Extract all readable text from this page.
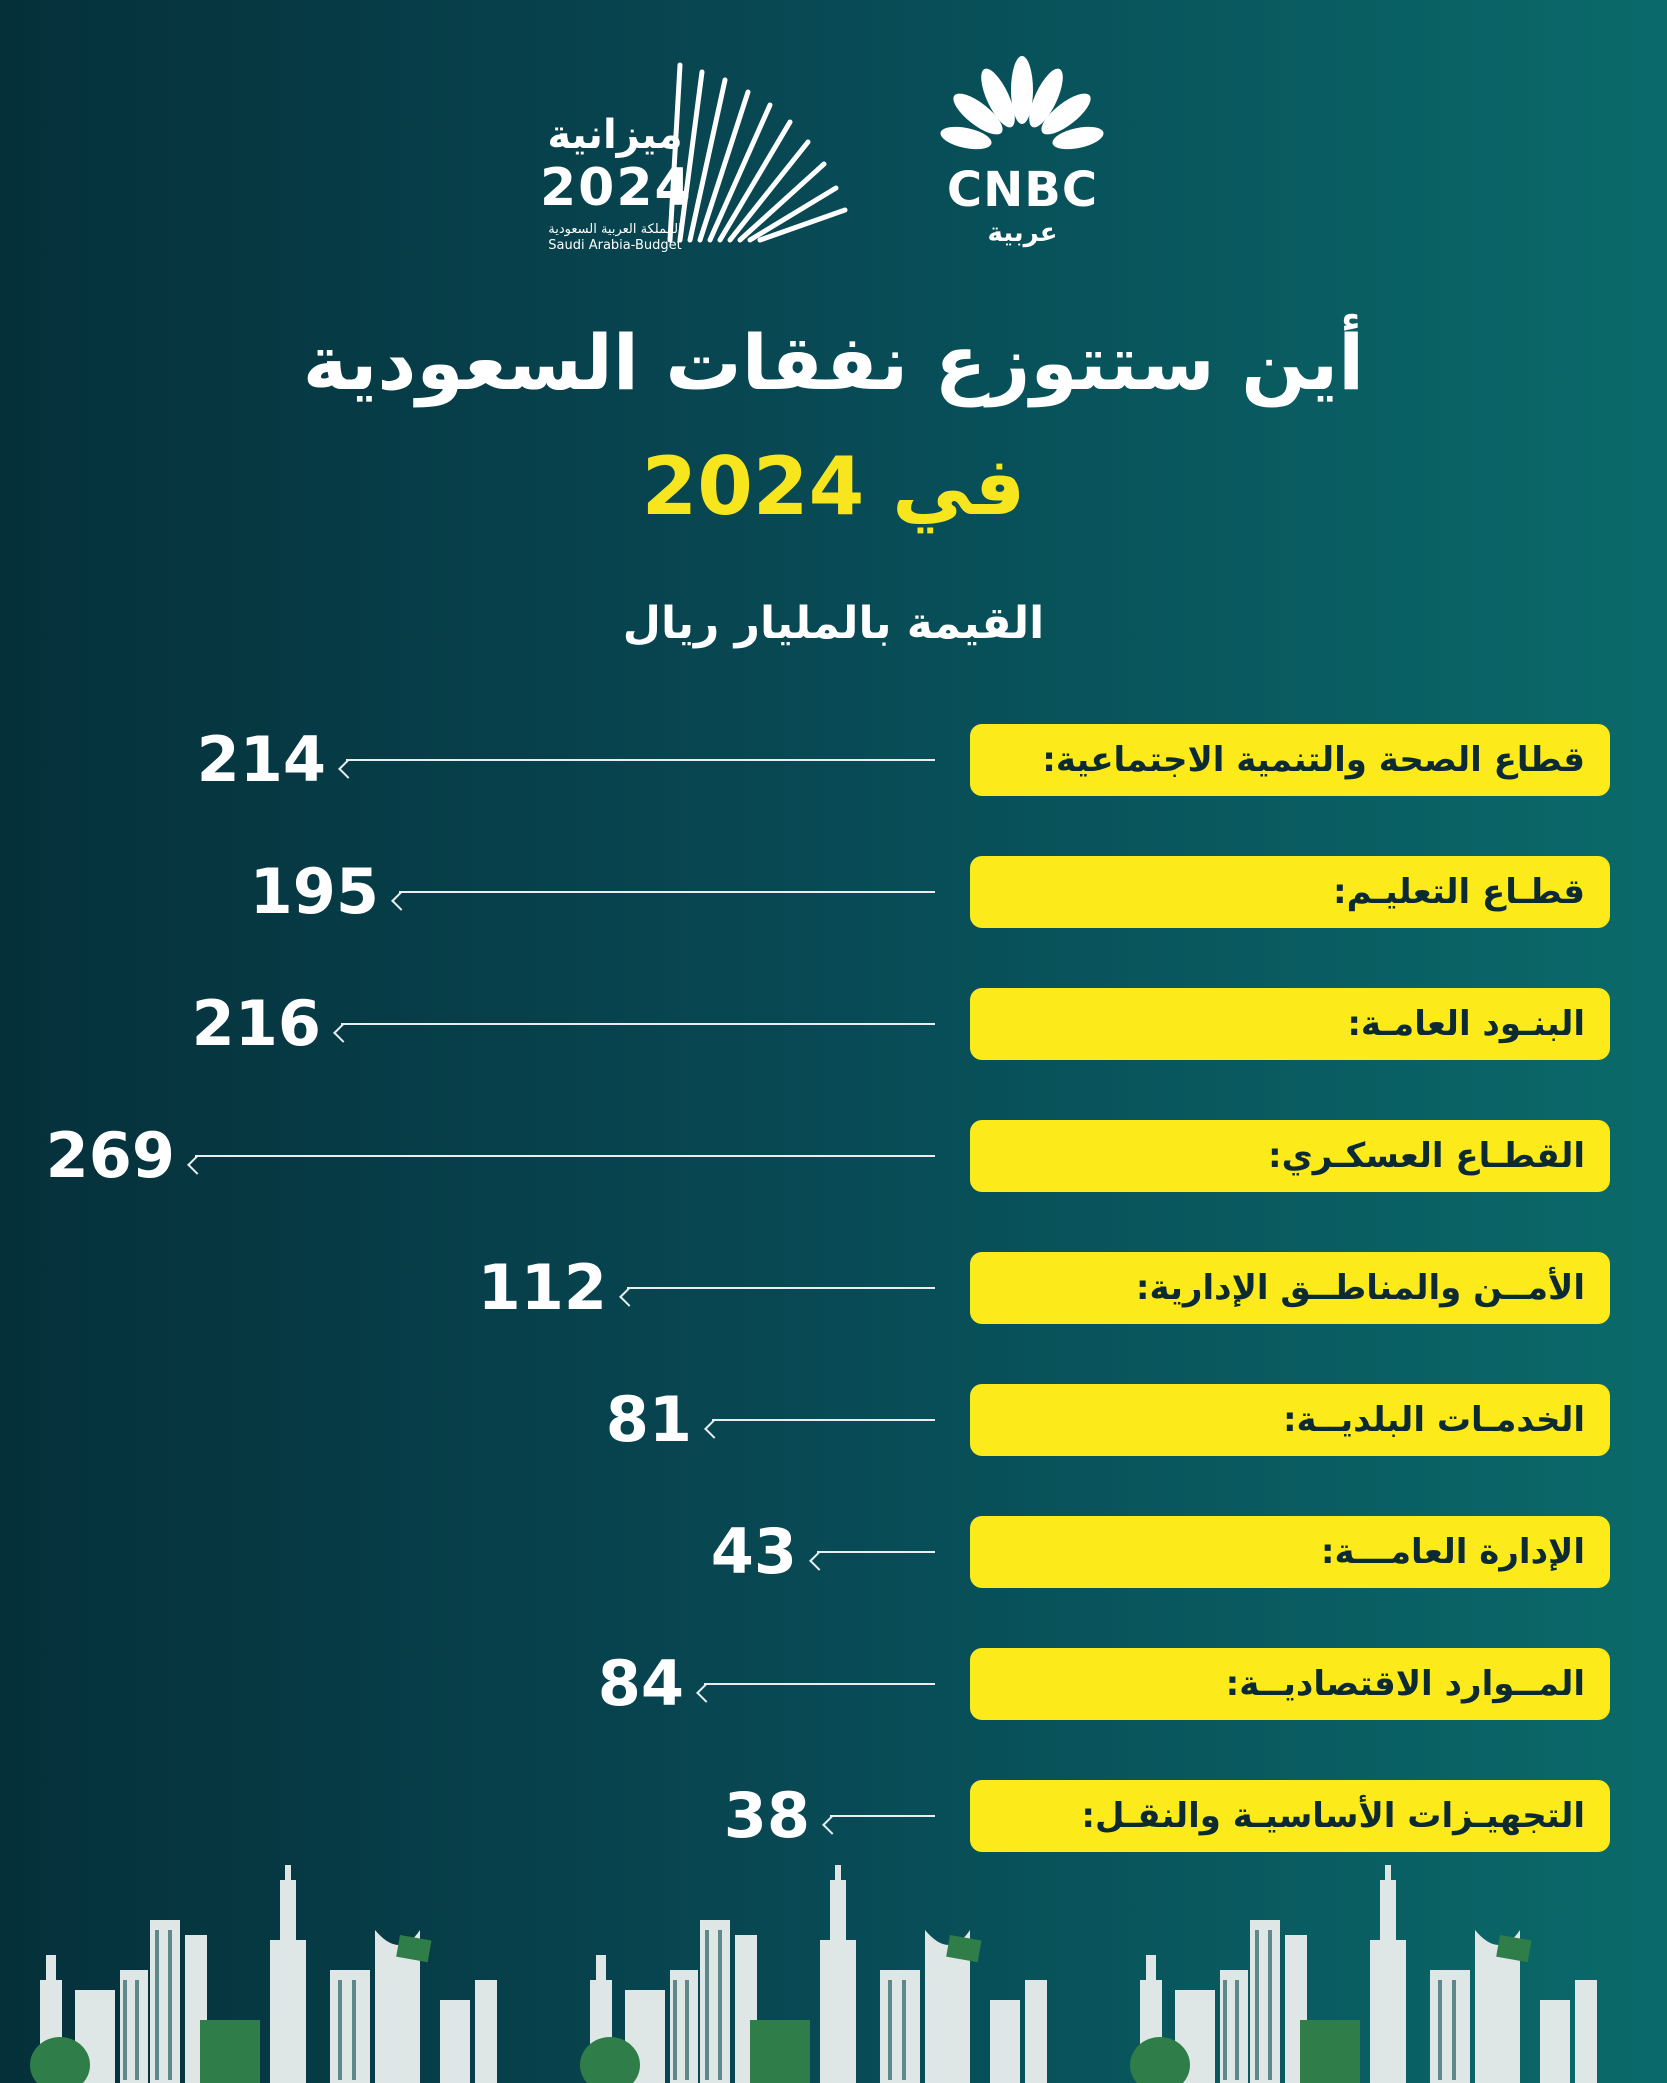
ميزانية
2024
المملكة العربية السعودية
Saudi Arabia-Budget
CNBC
عربية
أين ستتوزع نفقات السعودية
في 2024
القيمة بالمليار ريال
قطاع الصحة والتنمية الاجتماعية:
214
قطـاع التعليـم:
195
البنـود العامـة:
216
القطـاع العسكـري:
269
الأمــن والمناطــق الإدارية:
112
الخدمـات البلديــة:
81
الإدارة العامـــة:
43
المــوارد الاقتصاديــة:
84
التجهيـزات الأساسيـة والنقـل:
38
